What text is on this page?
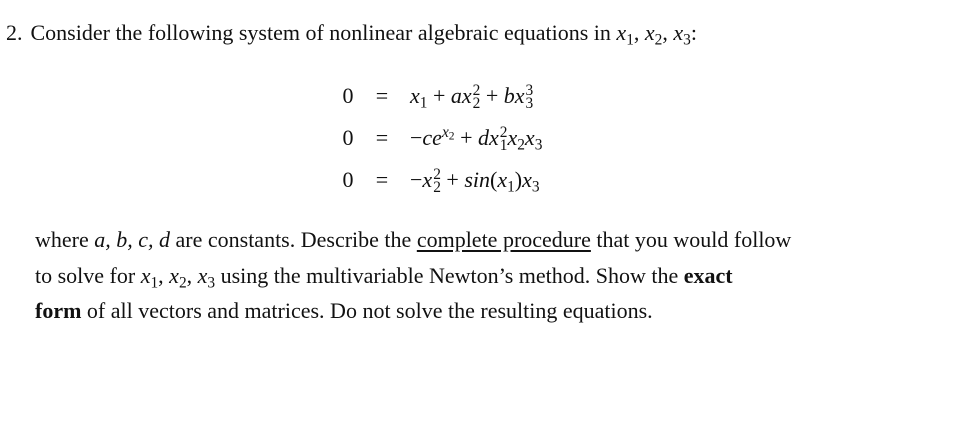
2. Consider the following system of nonlinear algebraic equations in $x_1$, $x_2$, $x_3$:
$0 = x_1$ + ax 2
2 + bx 3
3
$0 = -ce^{x2}$ + dx 2
1 $x_2x_3$
0 = −x 2
$2 + \sin(x_1)x_3$
where a, b, c, d are constants. Describe the complete procedure that you would follow
to solve for $x_1$, $x_2$, $x_3$ using the multivariable Newton’s method. Show the exact
form of all vectors and matrices. Do not solve the resulting equations.
